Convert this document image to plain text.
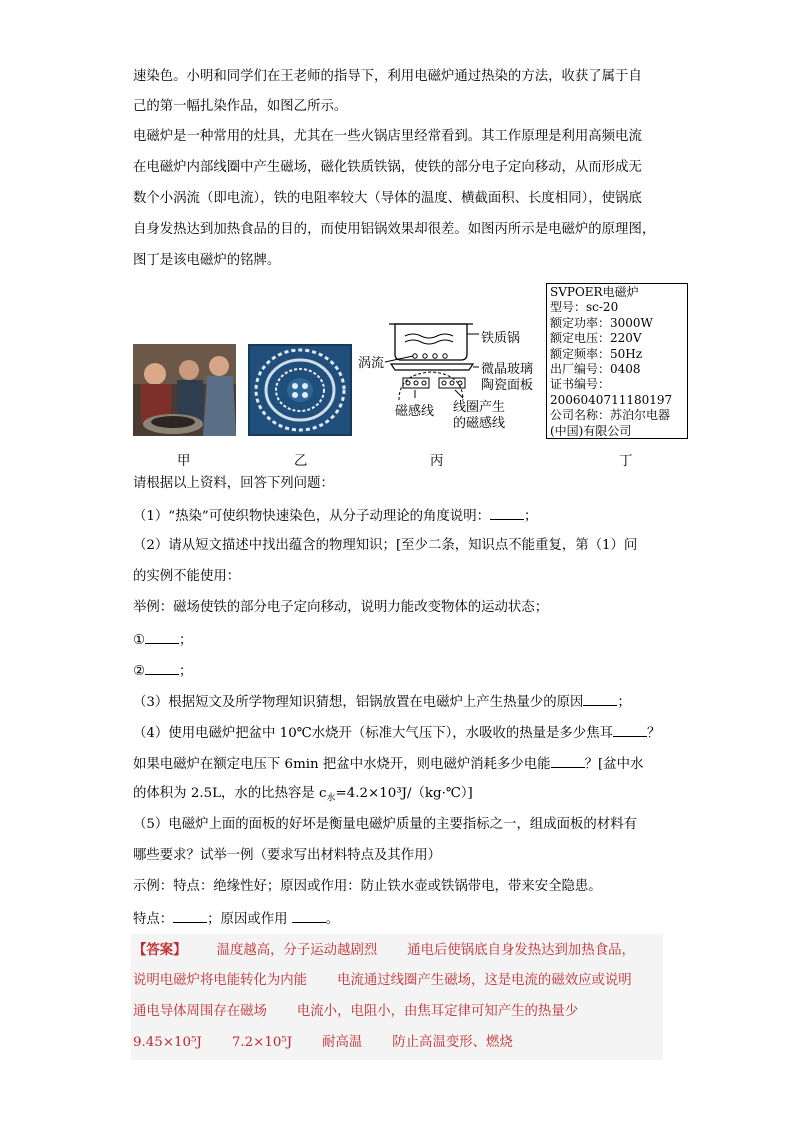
速染色。小明和同学们在王老师的指导下，利用电磁炉通过热染的方法，收获了属于自
己的第一幅扎染作品，如图乙所示。
电磁炉是一种常用的灶具，尤其在一些火锅店里经常看到。其工作原理是利用高频电流
在电磁炉内部线圈中产生磁场，磁化铁质铁锅，使铁的部分电子定向移动，从而形成无
数个小涡流（即电流），铁的电阻率较大（导体的温度、横截面积、长度相同），使锅底
自身发热达到加热食品的目的，而使用铝锅效果却很差。如图丙所示是电磁炉的原理图，
图丁是该电磁炉的铭牌。
铁质锅
涡流	微晶玻璃
陶瓷面板
磁感线 线圈产生
的磁感线
SVPOER电磁炉
型号：sc-20
额定功率：3000W
额定电压：220V
额定频率：50Hz
出厂编号：0408
证书编号：
2006040711180197
公司名称：苏泊尔电器
(中国)有限公司
甲	乙	丙	丁
请根据以上资料，回答下列问题：
（1）“热染”可使织物快速染色，从分子动理论的角度说明：	；
（2）请从短文描述中找出蕴含的物理知识；[至少二条，知识点不能重复，第（1）问
的实例不能使用：
举例：磁场使铁的部分电子定向移动，说明力能改变物体的运动状态；
①	；
②	；
（3）根据短文及所学物理知识猜想，铝锅放置在电磁炉上产生热量少的原因	；
（4）使用电磁炉把盆中 10℃水烧开（标准大气压下），水吸收的热量是多少焦耳	？
如果电磁炉在额定电压下 6min 把盆中水烧开，则电磁炉消耗多少电能	？[盆中水
的体积为 2.5L，水的比热容是 $c_水=4.2\times 10^3J/(kg\cdot℃)$]
（5）电磁炉上面的面板的好坏是衡量电磁炉质量的主要指标之一，组成面板的材料有
哪些要求？试举一例（要求写出材料特点及其作用）
示例：特点：绝缘性好；原因或作用：防止铁水壶或铁锅带电，带来安全隐患。
特点：	；原因或作用	。
【答案】 温度越高，分子运动越剧烈 通电后使锅底自身发热达到加热食品，
说明电磁炉将电能转化为内能 电流通过线圈产生磁场，这是电流的磁效应或说明
通电导体周围存在磁场 电流小，电阻小，由焦耳定律可知产生的热量少
9.45×10⁵J 7.2×10⁵J 耐高温 防止高温变形、燃烧
